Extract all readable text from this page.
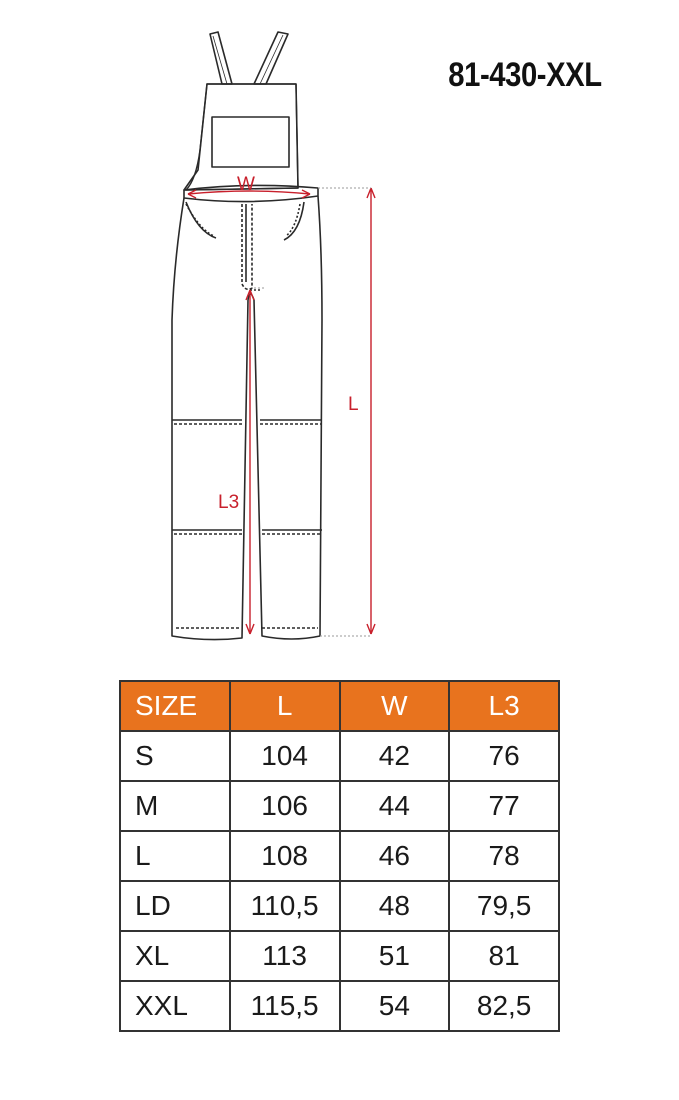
81-430-XXL
W
L
L3
SIZE	L	W	L3
S	104	42	76
M	106	44	77
L	108	46	78
LD	110,5	48	79,5
XL	113	51	81
XXL	115,5	54	82,5
